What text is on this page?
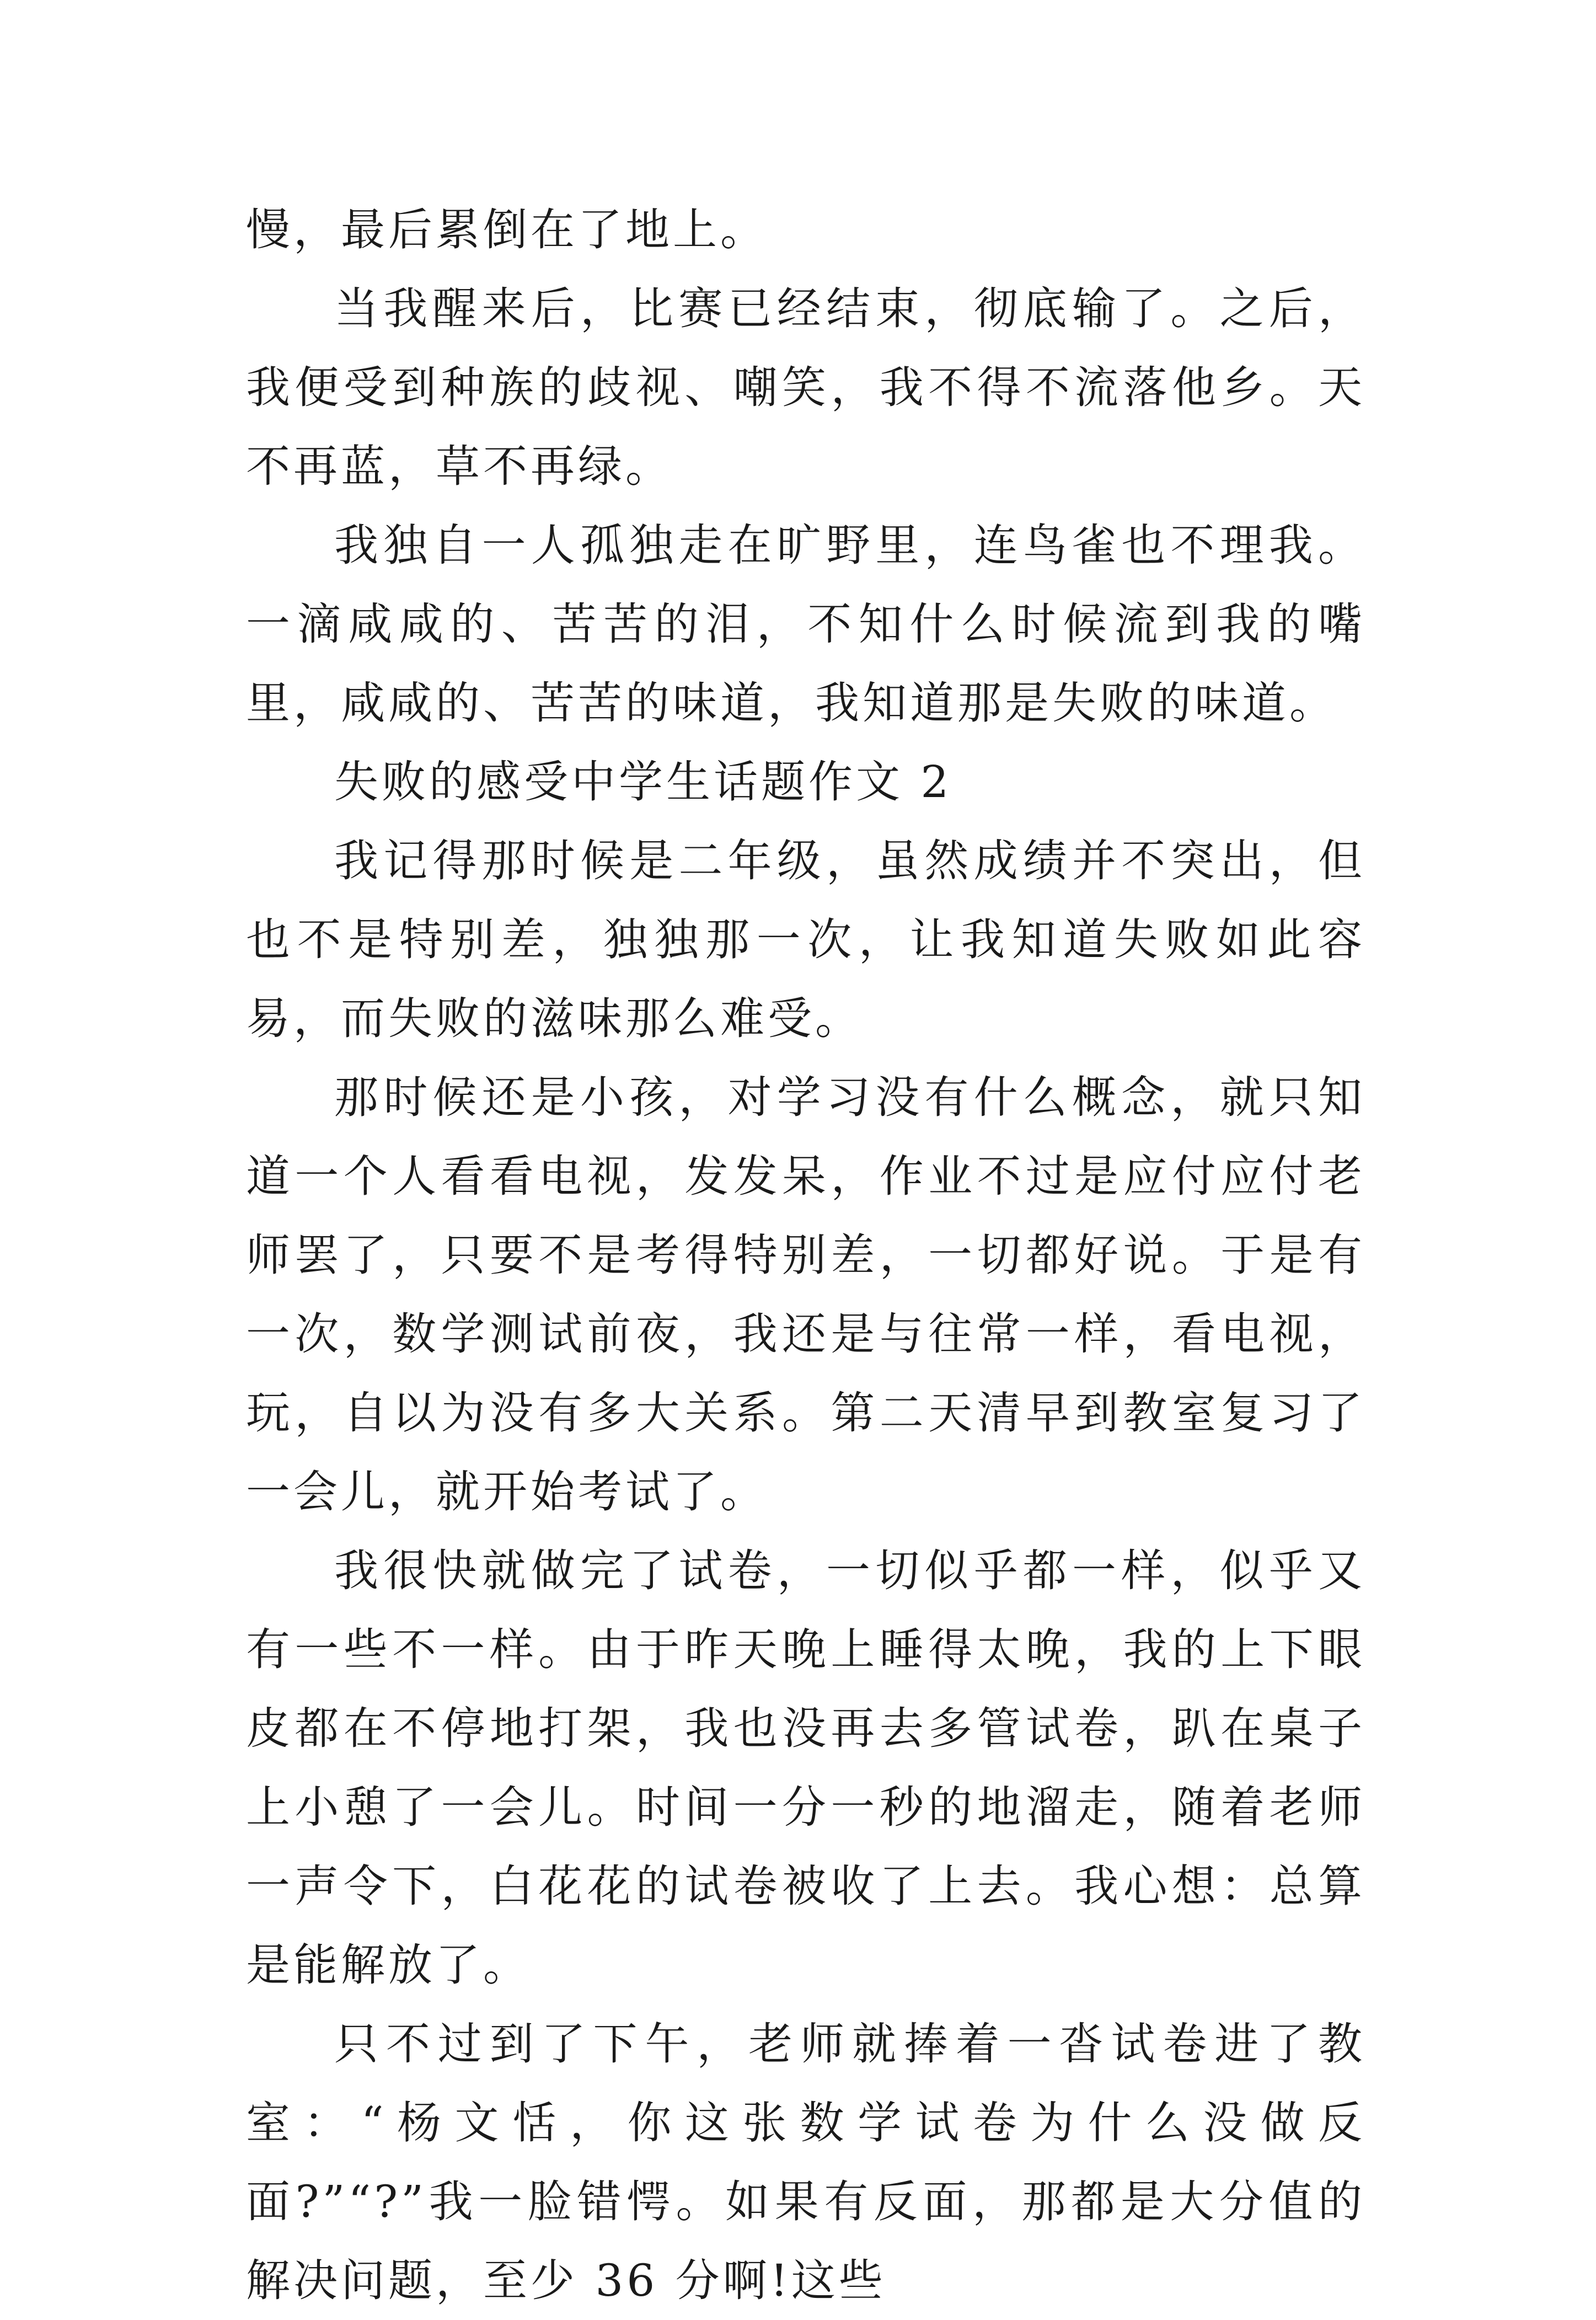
慢，最后累倒在了地上。

当我醒来后，比赛已经结束，彻底输了。之后，我便受到种族的歧视、嘲笑，我不得不流落他乡。天不再蓝，草不再绿。

我独自一人孤独走在旷野里，连鸟雀也不理我。一滴咸咸的、苦苦的泪，不知什么时候流到我的嘴里，咸咸的、苦苦的味道，我知道那是失败的味道。

失败的感受中学生话题作文 2

我记得那时候是二年级，虽然成绩并不突出，但也不是特别差，独独那一次，让我知道失败如此容易，而失败的滋味那么难受。

那时候还是小孩，对学习没有什么概念，就只知道一个人看看电视，发发呆，作业不过是应付应付老师罢了，只要不是考得特别差，一切都好说。于是有一次，数学测试前夜，我还是与往常一样，看电视，玩，自以为没有多大关系。第二天清早到教室复习了一会儿，就开始考试了。

我很快就做完了试卷，一切似乎都一样，似乎又有一些不一样。由于昨天晚上睡得太晚，我的上下眼皮都在不停地打架，我也没再去多管试卷，趴在桌子上小憩了一会儿。时间一分一秒的地溜走，随着老师一声令下，白花花的试卷被收了上去。我心想：总算是能解放了。

只不过到了下午，老师就捧着一沓试卷进了教室：“杨文恬，你这张数学试卷为什么没做反面?”“?”我一脸错愕。如果有反面，那都是大分值的解决问题，至少 36 分啊!这些
